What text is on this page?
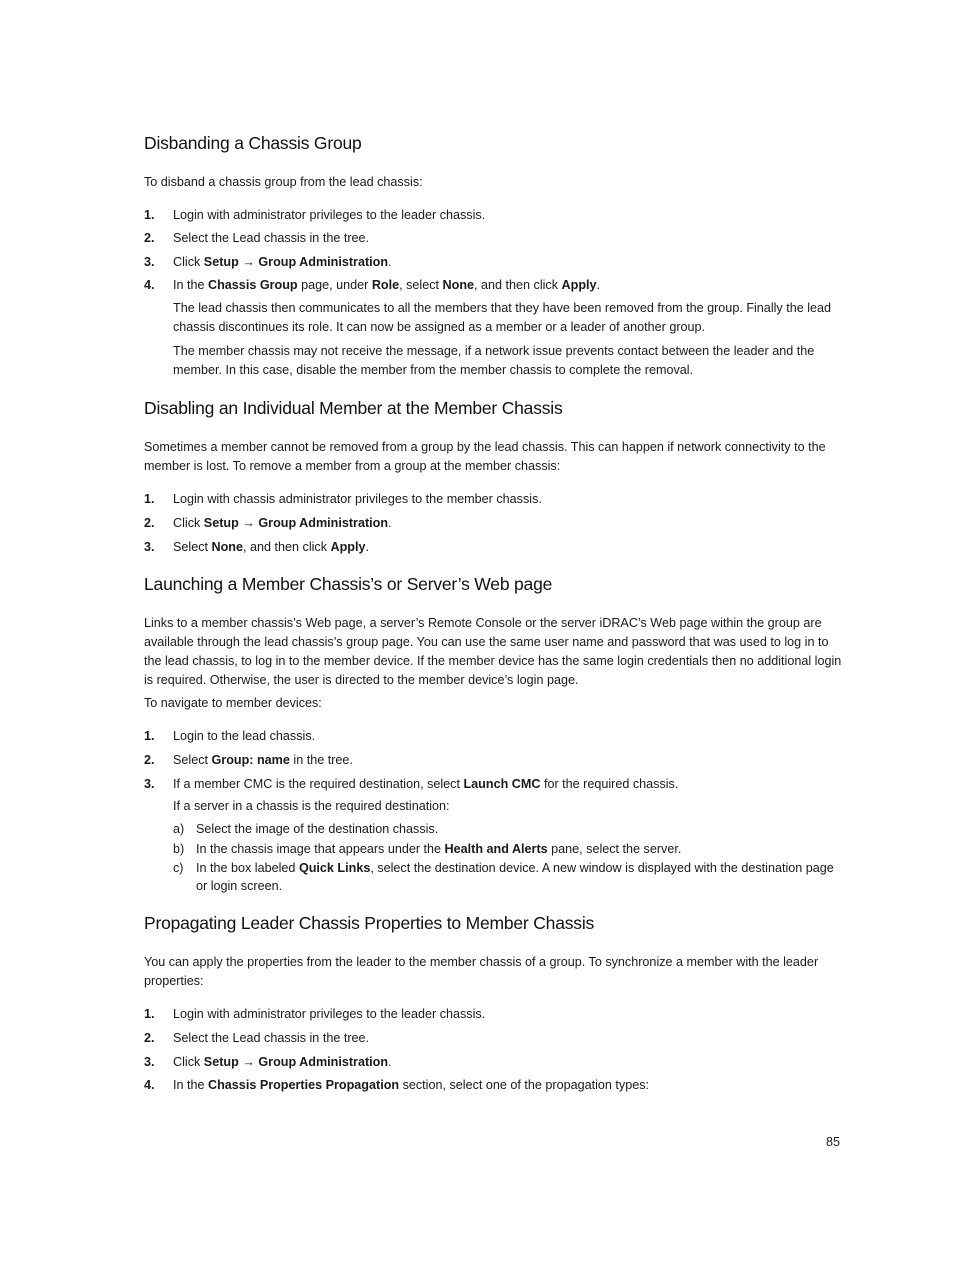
Disbanding a Chassis Group

To disband a chassis group from the lead chassis:

1. Login with administrator privileges to the leader chassis.
2. Select the Lead chassis in the tree.
3. Click Setup → Group Administration.
4. In the Chassis Group page, under Role, select None, and then click Apply.

The lead chassis then communicates to all the members that they have been removed from the group. Finally the lead chassis discontinues its role. It can now be assigned as a member or a leader of another group.

The member chassis may not receive the message, if a network issue prevents contact between the leader and the member. In this case, disable the member from the member chassis to complete the removal.

Disabling an Individual Member at the Member Chassis

Sometimes a member cannot be removed from a group by the lead chassis. This can happen if network connectivity to the member is lost. To remove a member from a group at the member chassis:

1. Login with chassis administrator privileges to the member chassis.
2. Click Setup → Group Administration.
3. Select None, and then click Apply.
Launching a Member Chassis’s or Server’s Web page

Links to a member chassis’s Web page, a server’s Remote Console or the server iDRAC’s Web page within the group are available through the lead chassis’s group page. You can use the same user name and password that was used to log in to the lead chassis, to log in to the member device. If the member device has the same login credentials then no additional login is required. Otherwise, the user is directed to the member device’s login page.

To navigate to member devices:

1. Login to the lead chassis.
2. Select Group: name in the tree.
3. If a member CMC is the required destination, select Launch CMC for the required chassis.

If a server in a chassis is the required destination:

a) Select the image of the destination chassis.
b) In the chassis image that appears under the Health and Alerts pane, select the server.
c) In the box labeled Quick Links, select the destination device. A new window is displayed with the destination page or login screen.
Propagating Leader Chassis Properties to Member Chassis

You can apply the properties from the leader to the member chassis of a group. To synchronize a member with the leader properties:

1. Login with administrator privileges to the leader chassis.
2. Select the Lead chassis in the tree.
3. Click Setup → Group Administration.
4. In the Chassis Properties Propagation section, select one of the propagation types:
85
